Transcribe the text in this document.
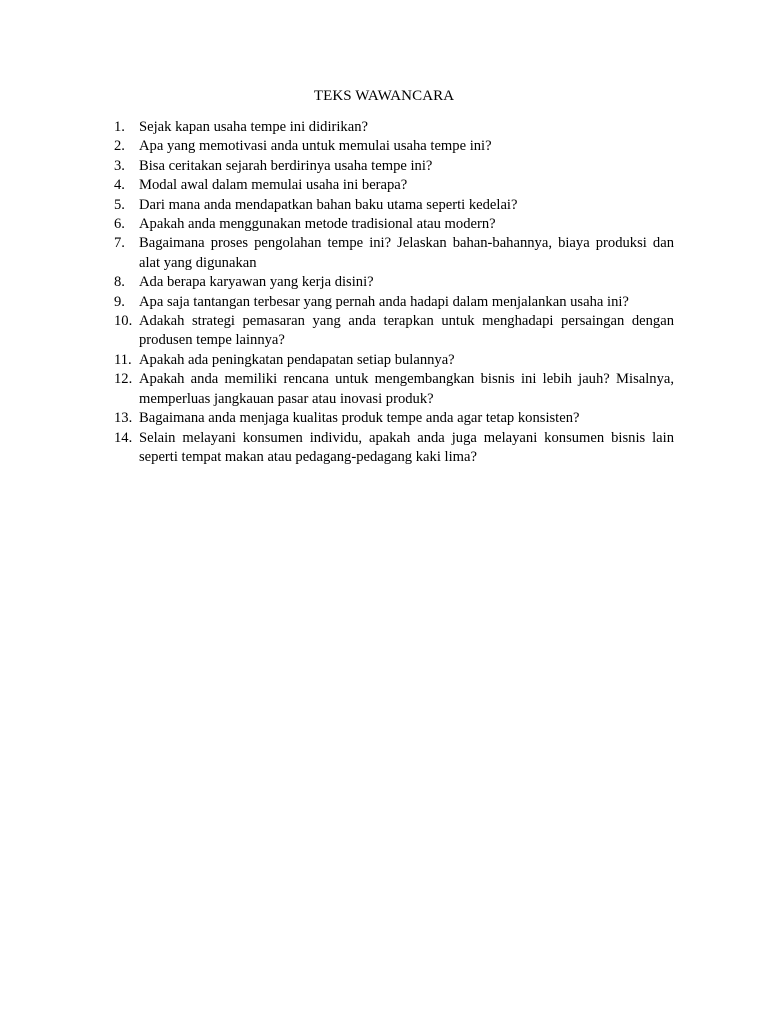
TEKS WAWANCARA
1. Sejak kapan usaha tempe ini didirikan?
2. Apa yang memotivasi anda untuk memulai usaha tempe ini?
3. Bisa ceritakan sejarah berdirinya usaha tempe ini?
4. Modal awal dalam memulai usaha ini berapa?
5. Dari mana anda mendapatkan bahan baku utama seperti kedelai?
6. Apakah anda menggunakan metode tradisional atau modern?
7. Bagaimana proses pengolahan tempe ini? Jelaskan bahan-bahannya, biaya produksi dan alat yang digunakan
8. Ada berapa karyawan yang kerja disini?
9. Apa saja tantangan terbesar yang pernah anda hadapi dalam menjalankan usaha ini?
10. Adakah strategi pemasaran yang anda terapkan untuk menghadapi persaingan dengan produsen tempe lainnya?
11. Apakah ada peningkatan pendapatan setiap bulannya?
12. Apakah anda memiliki rencana untuk mengembangkan bisnis ini lebih jauh? Misalnya, memperluas jangkauan pasar atau inovasi produk?
13. Bagaimana anda menjaga kualitas produk tempe anda agar tetap konsisten?
14. Selain melayani konsumen individu, apakah anda juga melayani konsumen bisnis lain seperti tempat makan atau pedagang-pedagang kaki lima?
